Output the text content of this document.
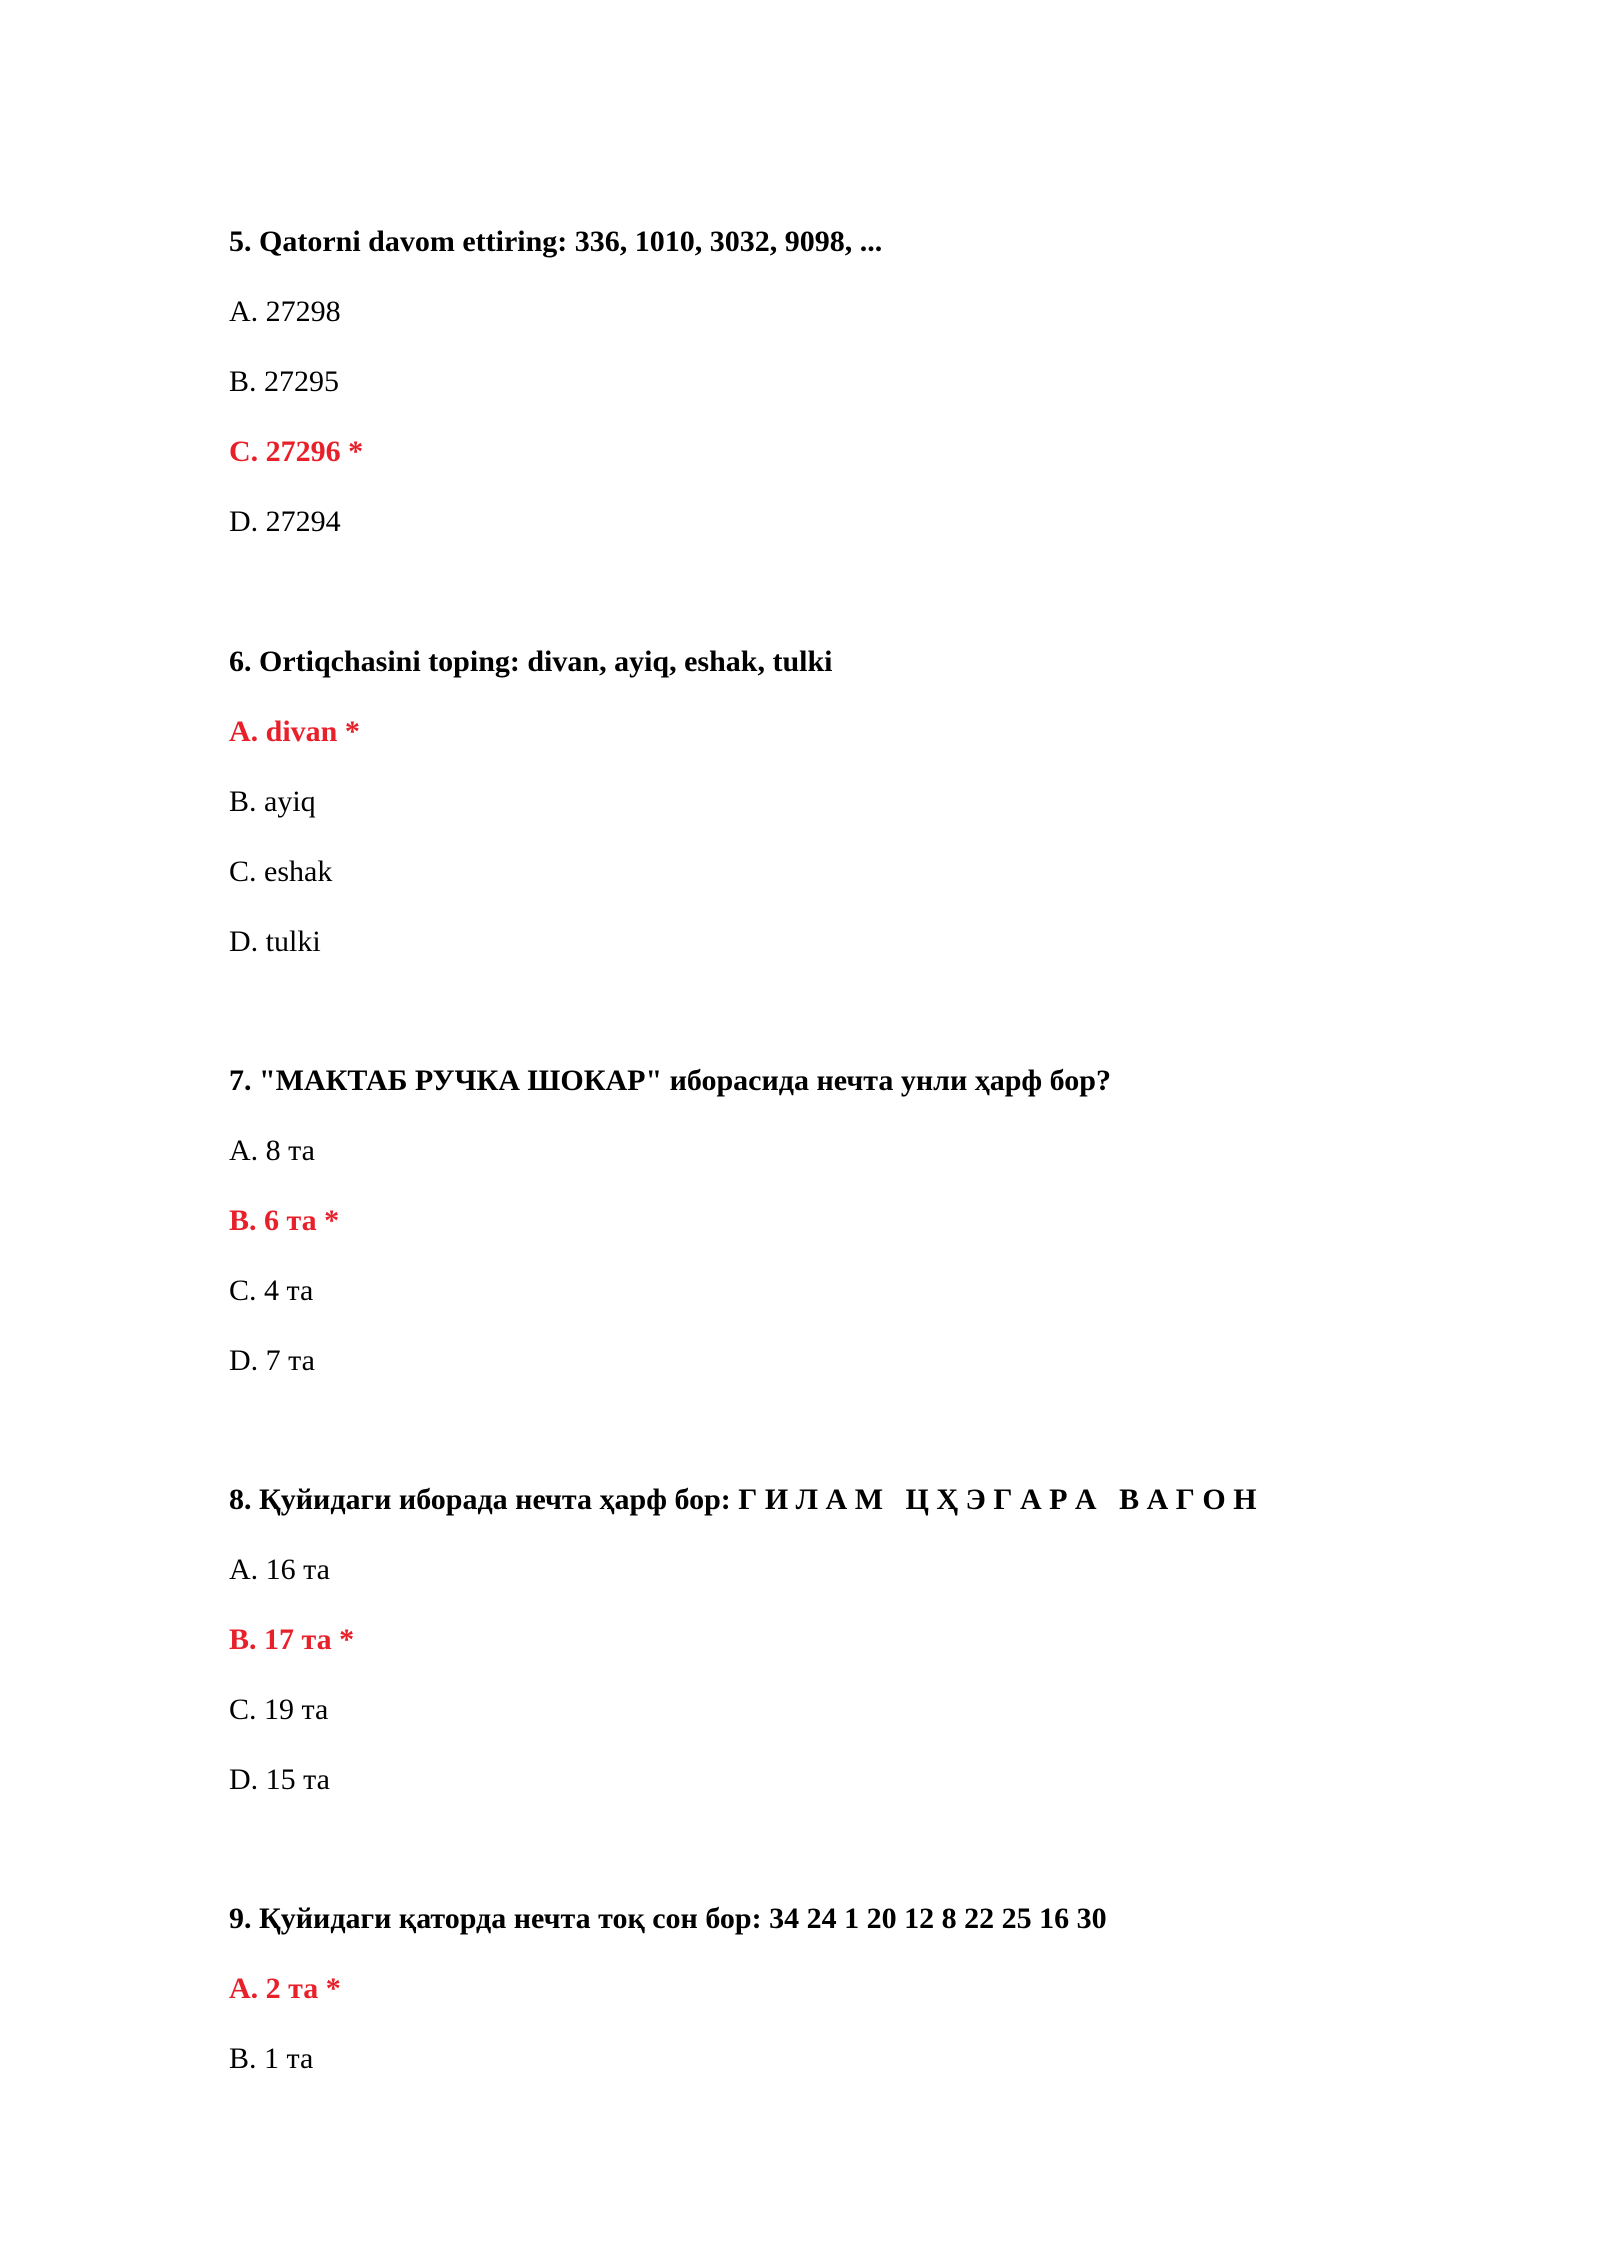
5. Qatorni davom ettiring: 336, 1010, 3032, 9098, ...
A. 27298
B. 27295
C. 27296 *
D. 27294
6. Ortiqchasini toping: divan, ayiq, eshak, tulki
A. divan *
B. ayiq
C. eshak
D. tulki
7. "МАКТАБ РУЧКА ШОКАР" иборасида нечта унли ҳарф бор?
A. 8 та
B. 6 та *
C. 4 та
D. 7 та
8. Қуйидаги иборада нечта ҳарф бор: Г И Л А М   Ц Ҳ Э Г А Р А   В А Г О Н
A. 16 та
B. 17 та *
C. 19 та
D. 15 та
9. Қуйидаги қаторда нечта тоқ сон бор: 34 24 1 20 12 8 22 25 16 30
A. 2 та *
B. 1 та
